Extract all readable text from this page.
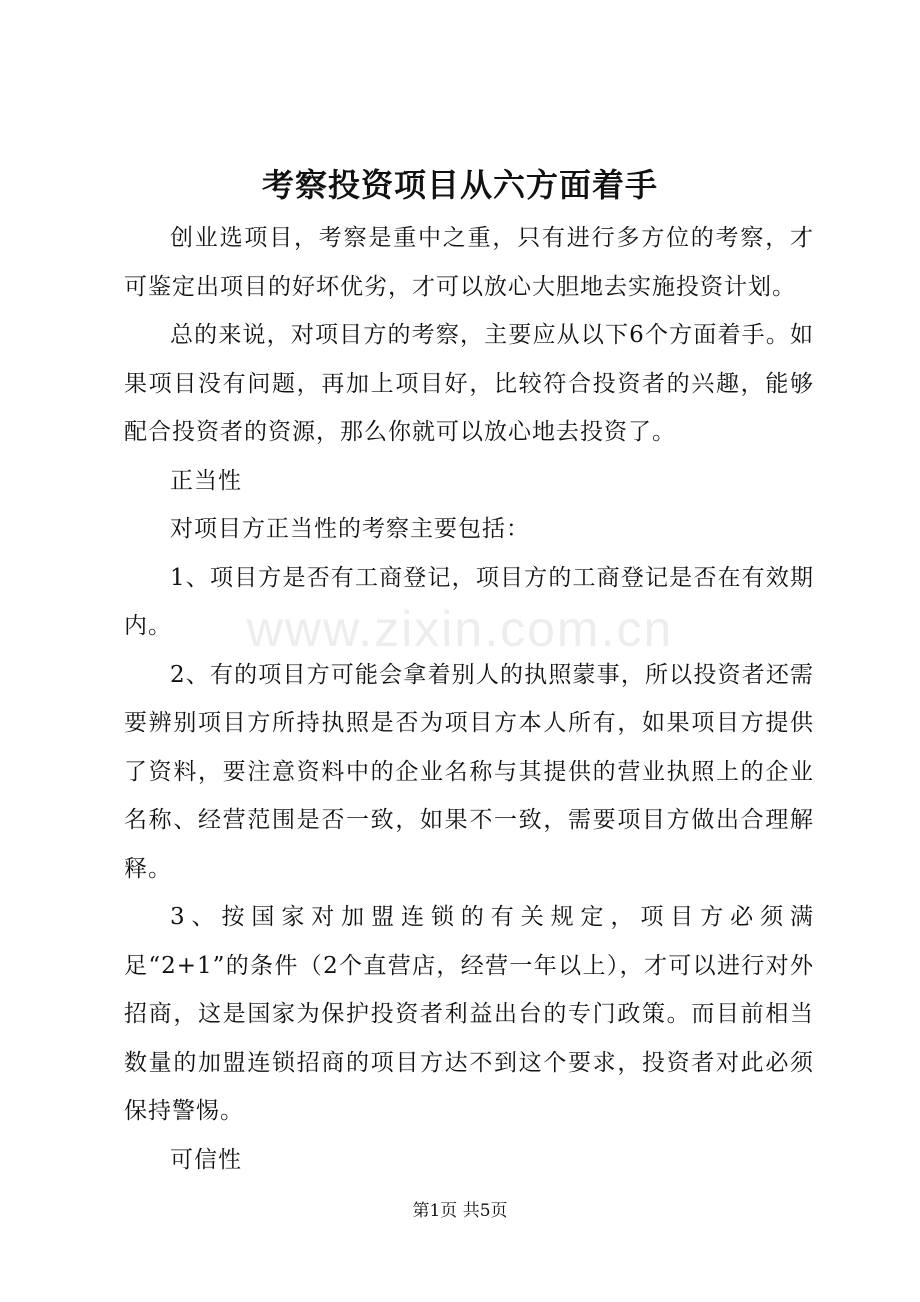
考察投资项目从六方面着手

创业选项目，考察是重中之重，只有进行多方位的考察，才可鉴定出项目的好坏优劣，才可以放心大胆地去实施投资计划。

总的来说，对项目方的考察，主要应从以下6个方面着手。如果项目没有问题，再加上项目好，比较符合投资者的兴趣，能够配合投资者的资源，那么你就可以放心地去投资了。

正当性

对项目方正当性的考察主要包括：

1、项目方是否有工商登记，项目方的工商登记是否在有效期内。

2、有的项目方可能会拿着别人的执照蒙事，所以投资者还需要辨别项目方所持执照是否为项目方本人所有，如果项目方提供了资料，要注意资料中的企业名称与其提供的营业执照上的企业名称、经营范围是否一致，如果不一致，需要项目方做出合理解释。

3、按国家对加盟连锁的有关规定，项目方必须满足“2+1”的条件（2个直营店，经营一年以上），才可以进行对外招商，这是国家为保护投资者利益出台的专门政策。而目前相当数量的加盟连锁招商的项目方达不到这个要求，投资者对此必须保持警惕。

可信性

www.zixin.com.cn
第1页 共5页
